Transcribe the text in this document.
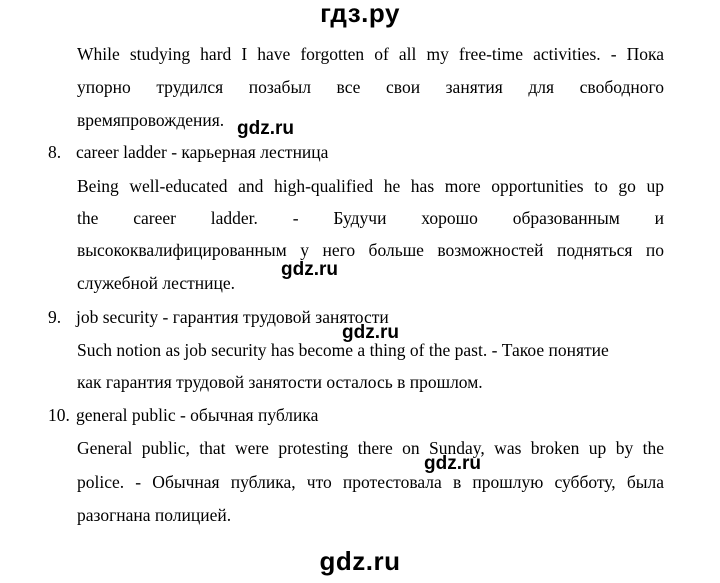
гдз.ру
While studying hard I have forgotten of all my free-time activities. - Пока
упорно трудился позабыл все свои занятия для свободного
времяпровождения. gdz.ru
8. career ladder - карьерная лестница
Being well-educated and high-qualified he has more opportunities to go up
the career ladder. - Будучи хорошо образованным и
высококвалифицированным у него больше возможностей подняться по
служебной лестнице.
gdz.ru
9. job security - гарантия трудовой занятости
gdz.ru
Such notion as job security has become a thing of the past. - Такое понятие
как гарантия трудовой занятости осталось в прошлом.
10. general public - обычная публика
General public, that were protesting there on Sunday, was broken up by the
gdz.ru
police. - Обычная публика, что протестовала в прошлую субботу, была
разогнана полицией.
gdz.ru
